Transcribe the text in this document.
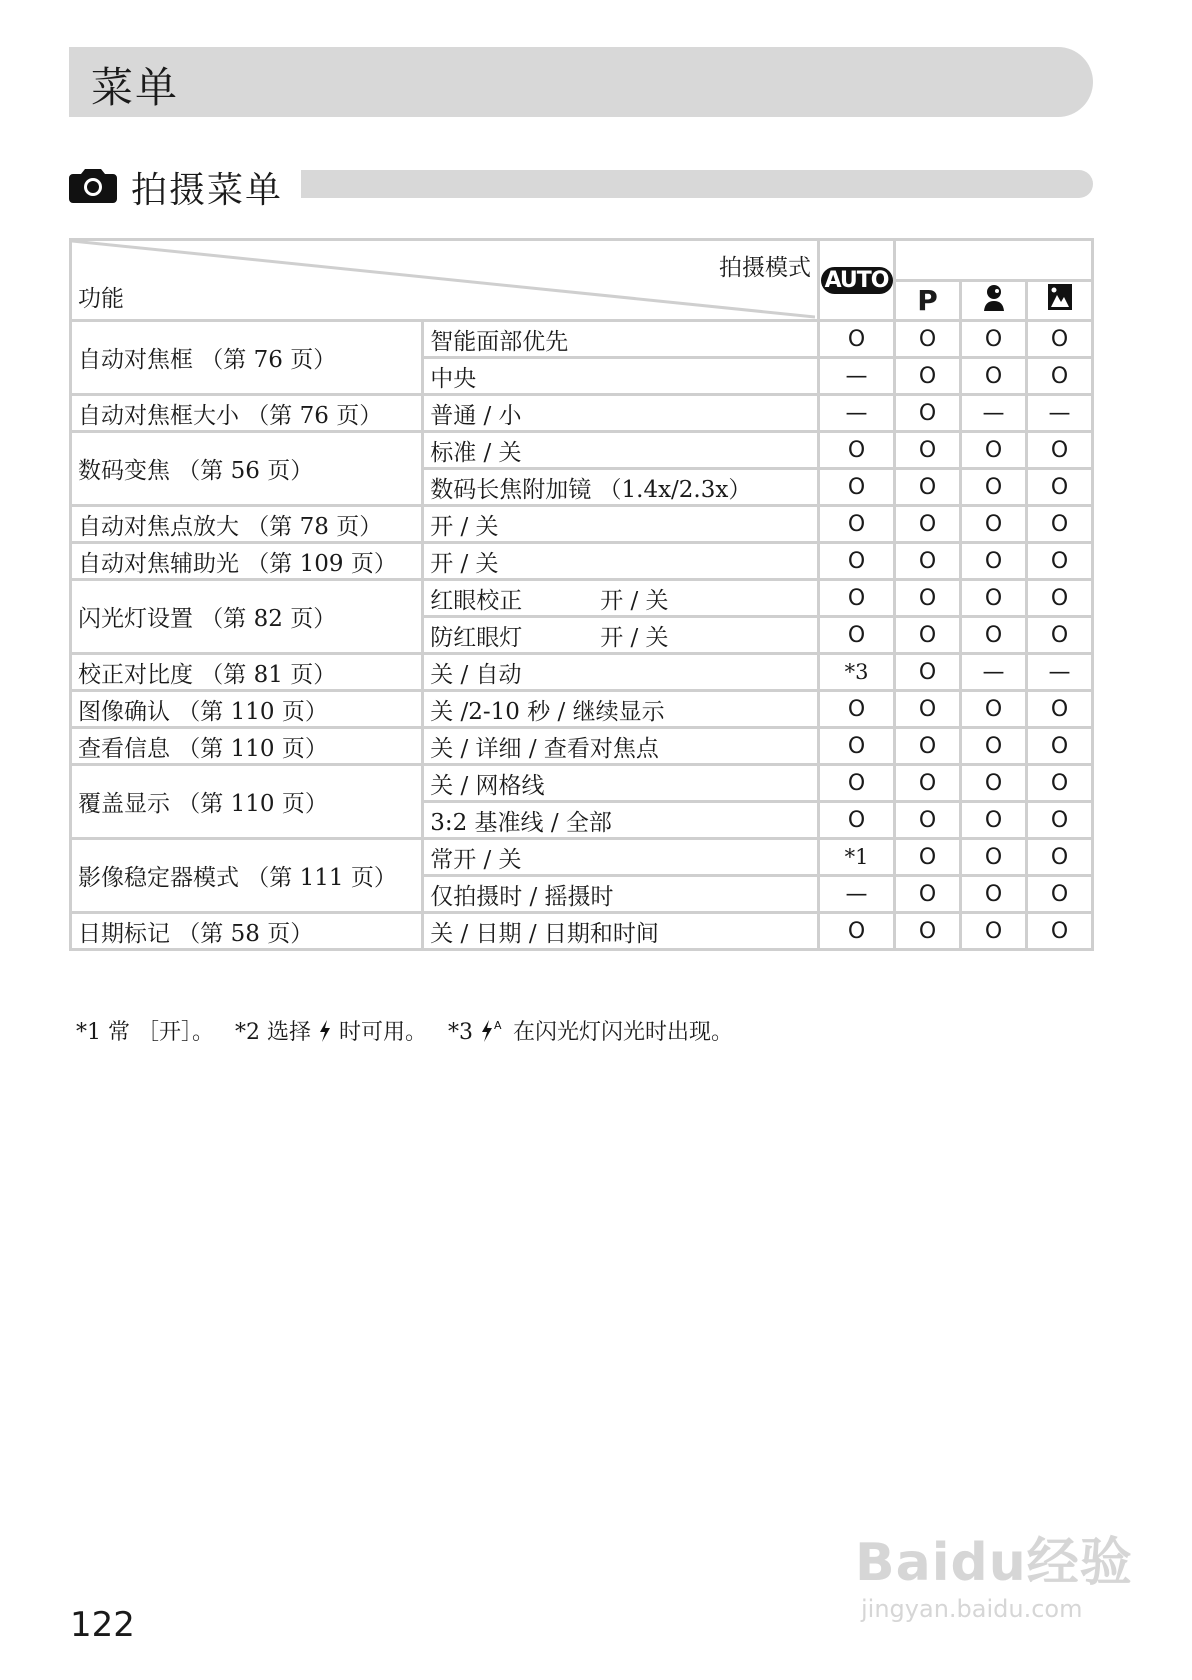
菜单
拍摄菜单
拍摄模式
功能		AUTO			
			P		
自动对焦框 （第 76 页）	智能面部优先	O	O	O	O
	中央	—	O	O	O
自动对焦框大小 （第 76 页）	普通 / 小	—	O	—	—
数码变焦 （第 56 页）	标准 / 关	O	O	O	O
	数码长焦附加镜 （1.4x/2.3x）	O	O	O	O
自动对焦点放大 （第 78 页）	开 / 关	O	O	O	O
自动对焦辅助光 （第 109 页）	开 / 关	O	O	O	O
闪光灯设置 （第 82 页）	红眼校正 开 / 关	O	O	O	O
	防红眼灯 开 / 关	O	O	O	O
校正对比度 （第 81 页）	关 / 自动	*3	O	—	—
图像确认 （第 110 页）	关 /2-10 秒 / 继续显示	O	O	O	O
查看信息 （第 110 页）	关 / 详细 / 查看对焦点	O	O	O	O
覆盖显示 （第 110 页）	关 / 网格线	O	O	O	O
	3:2 基准线 / 全部	O	O	O	O
影像稳定器模式 （第 111 页）	常开 / 关	*1	O	O	O
	仅拍摄时 / 摇摄时	—	O	O	O
日期标记 （第 58 页）	关 / 日期 / 日期和时间	O	O	O	O
*1 常 ［开］。 *2 选择 时可用。 *3 A 在闪光灯闪光时出现。
122
Baidu经验
jingyan.baidu.com
